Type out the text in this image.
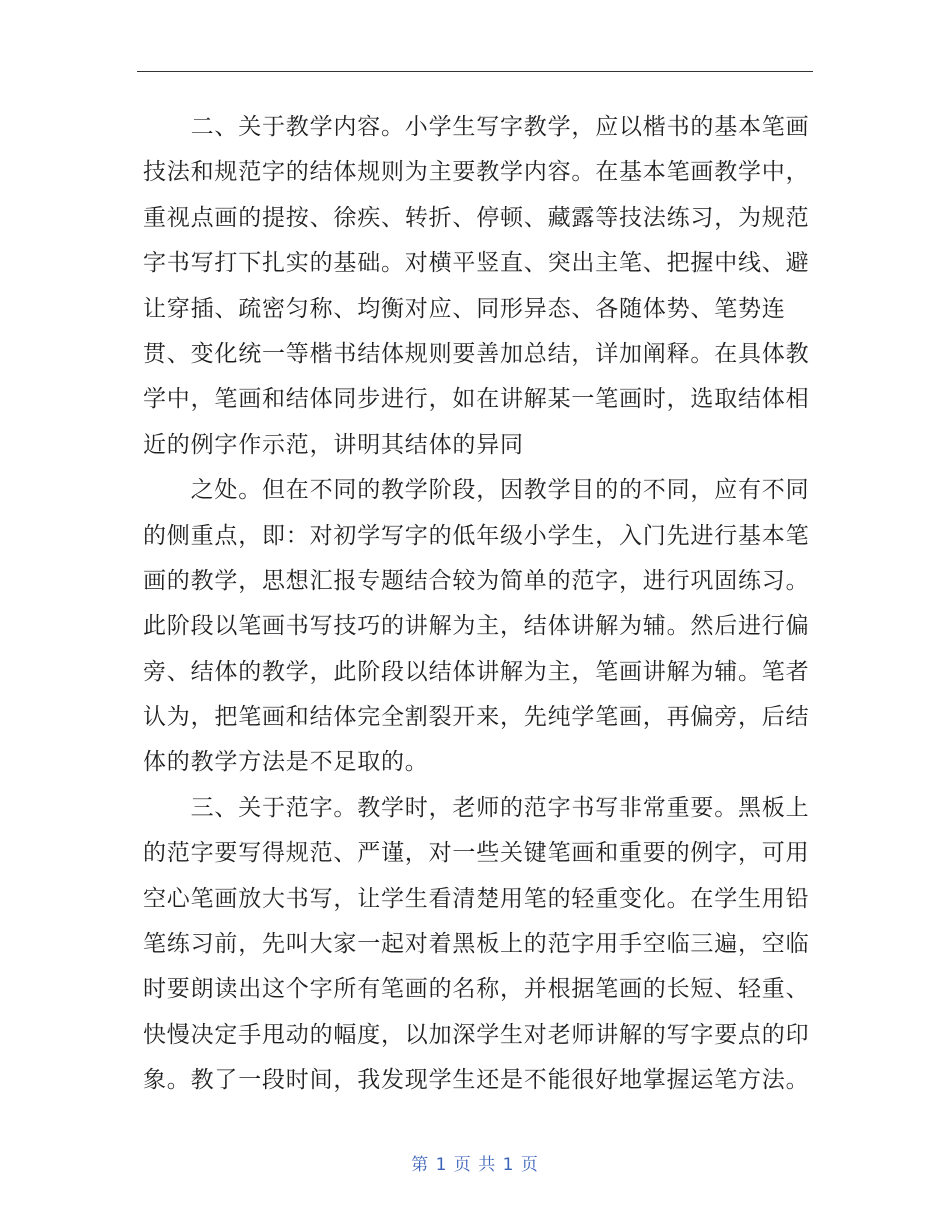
　　二、关于教学内容。小学生写字教学，应以楷书的基本笔画
技法和规范字的结体规则为主要教学内容。在基本笔画教学中，
重视点画的提按、徐疾、转折、停顿、藏露等技法练习，为规范
字书写打下扎实的基础。对横平竖直、突出主笔、把握中线、避
让穿插、疏密匀称、均衡对应、同形异态、各随体势、笔势连
贯、变化统一等楷书结体规则要善加总结，详加阐释。在具体教
学中，笔画和结体同步进行，如在讲解某一笔画时，选取结体相
近的例字作示范，讲明其结体的异同
　　之处。但在不同的教学阶段，因教学目的的不同，应有不同
的侧重点，即：对初学写字的低年级小学生，入门先进行基本笔
画的教学，思想汇报专题结合较为简单的范字，进行巩固练习。
此阶段以笔画书写技巧的讲解为主，结体讲解为辅。然后进行偏
旁、结体的教学，此阶段以结体讲解为主，笔画讲解为辅。笔者
认为，把笔画和结体完全割裂开来，先纯学笔画，再偏旁，后结
体的教学方法是不足取的。
　　三、关于范字。教学时，老师的范字书写非常重要。黑板上
的范字要写得规范、严谨，对一些关键笔画和重要的例字，可用
空心笔画放大书写，让学生看清楚用笔的轻重变化。在学生用铅
笔练习前，先叫大家一起对着黑板上的范字用手空临三遍，空临
时要朗读出这个字所有笔画的名称，并根据笔画的长短、轻重、
快慢决定手甩动的幅度，以加深学生对老师讲解的写字要点的印
象。教了一段时间，我发现学生还是不能很好地掌握运笔方法。
第 1 页 共 1 页
